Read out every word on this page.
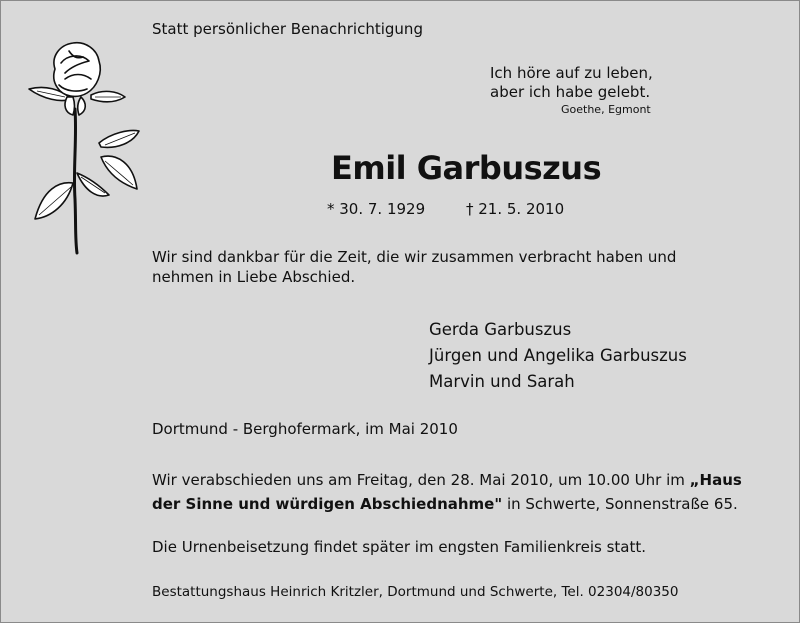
Statt persönlicher Benachrichtigung
Ich höre auf zu leben,
aber ich habe gelebt.
Goethe, Egmont
Emil Garbuszus
* 30. 7. 1929	† 21. 5. 2010
Wir sind dankbar für die Zeit, die wir zusammen verbracht haben und nehmen in Liebe Abschied.
Gerda Garbuszus
Jürgen und Angelika Garbuszus
Marvin und Sarah
Dortmund - Berghofermark, im Mai 2010
Wir verabschieden uns am Freitag, den 28. Mai 2010, um 10.00 Uhr im „Haus der Sinne und würdigen Abschiednahme" in Schwerte, Sonnenstraße 65.
Die Urnenbeisetzung findet später im engsten Familienkreis statt.
Bestattungshaus Heinrich Kritzler, Dortmund und Schwerte, Tel. 02304/80350
